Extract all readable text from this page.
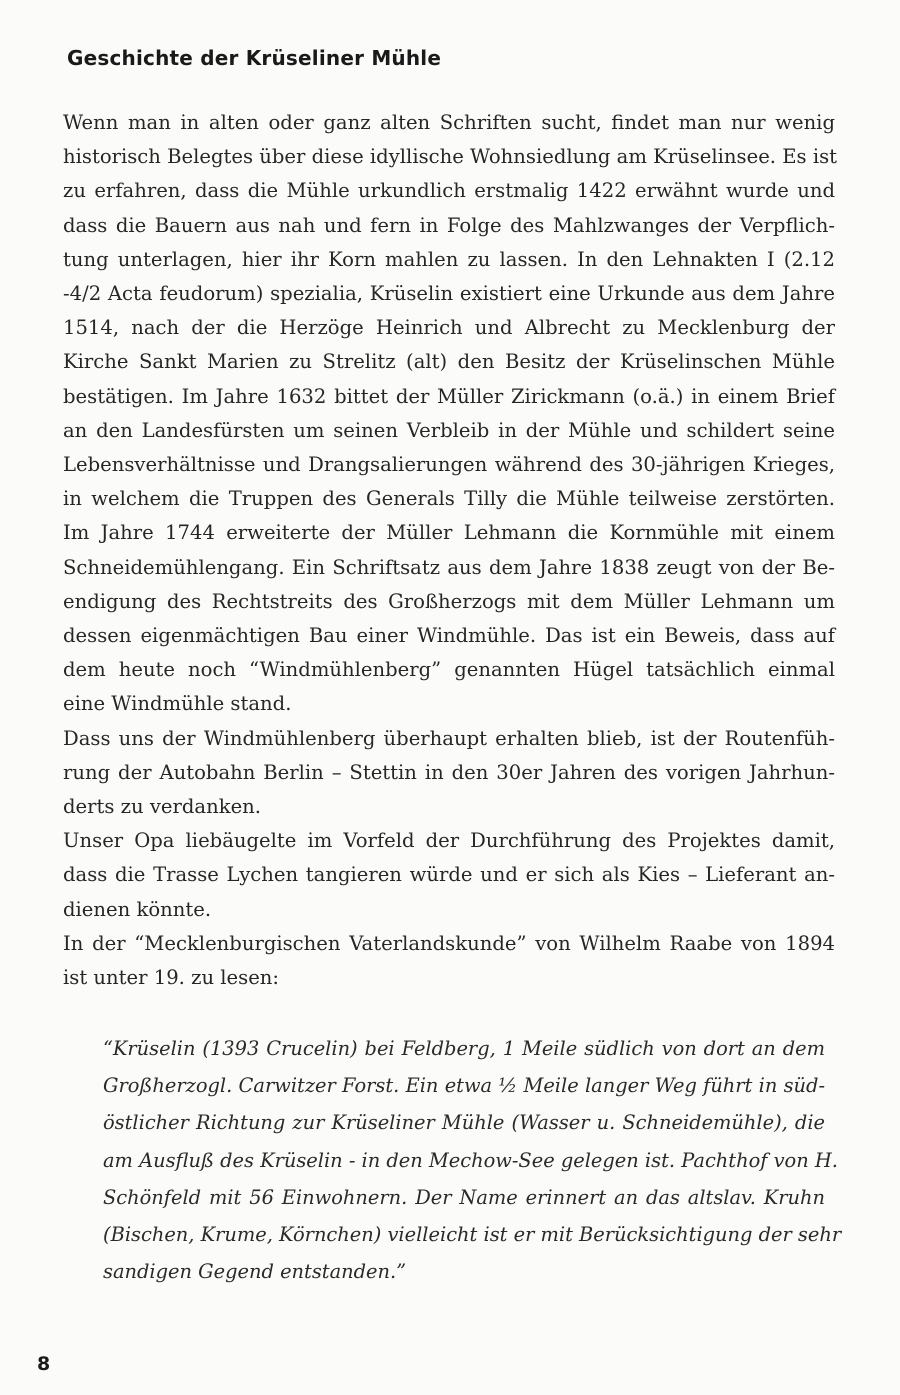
Geschichte der Krüseliner Mühle

Wenn man in alten oder ganz alten Schriften sucht, findet man nur wenig
historisch Belegtes über diese idyllische Wohnsiedlung am Krüselinsee. Es ist
zu erfahren, dass die Mühle urkundlich erstmalig 1422 erwähnt wurde und
dass die Bauern aus nah und fern in Folge des Mahlzwanges der Verpflich-
tung unterlagen, hier ihr Korn mahlen zu lassen. In den Lehnakten I (2.12
-4/2 Acta feudorum) spezialia, Krüselin existiert eine Urkunde aus dem Jahre
1514, nach der die Herzöge Heinrich und Albrecht zu Mecklenburg der
Kirche Sankt Marien zu Strelitz (alt) den Besitz der Krüselinschen Mühle
bestätigen. Im Jahre 1632 bittet der Müller Zirickmann (o.ä.) in einem Brief
an den Landesfürsten um seinen Verbleib in der Mühle und schildert seine
Lebensverhältnisse und Drangsalierungen während des 30-jährigen Krieges,
in welchem die Truppen des Generals Tilly die Mühle teilweise zerstörten.
Im Jahre 1744 erweiterte der Müller Lehmann die Kornmühle mit einem
Schneidemühlengang. Ein Schriftsatz aus dem Jahre 1838 zeugt von der Be-
endigung des Rechtstreits des Großherzogs mit dem Müller Lehmann um
dessen eigenmächtigen Bau einer Windmühle. Das ist ein Beweis, dass auf
dem heute noch “Windmühlenberg” genannten Hügel tatsächlich einmal
eine Windmühle stand.

Dass uns der Windmühlenberg überhaupt erhalten blieb, ist der Routenfüh-
rung der Autobahn Berlin – Stettin in den 30er Jahren des vorigen Jahrhun-
derts zu verdanken.

Unser Opa liebäugelte im Vorfeld der Durchführung des Projektes damit,
dass die Trasse Lychen tangieren würde und er sich als Kies – Lieferant an-
dienen könnte.

In der “Mecklenburgischen Vaterlandskunde” von Wilhelm Raabe von 1894
ist unter 19. zu lesen:

“Krüselin (1393 Crucelin) bei Feldberg, 1 Meile südlich von dort an dem
Großherzogl. Carwitzer Forst. Ein etwa ½ Meile langer Weg führt in süd-
östlicher Richtung zur Krüseliner Mühle (Wasser u. Schneidemühle), die
am Ausfluß des Krüselin - in den Mechow-See gelegen ist. Pachthof von H.
Schönfeld mit 56 Einwohnern. Der Name erinnert an das altslav. Kruhn
(Bischen, Krume, Körnchen) vielleicht ist er mit Berücksichtigung der sehr
sandigen Gegend entstanden.”
8
